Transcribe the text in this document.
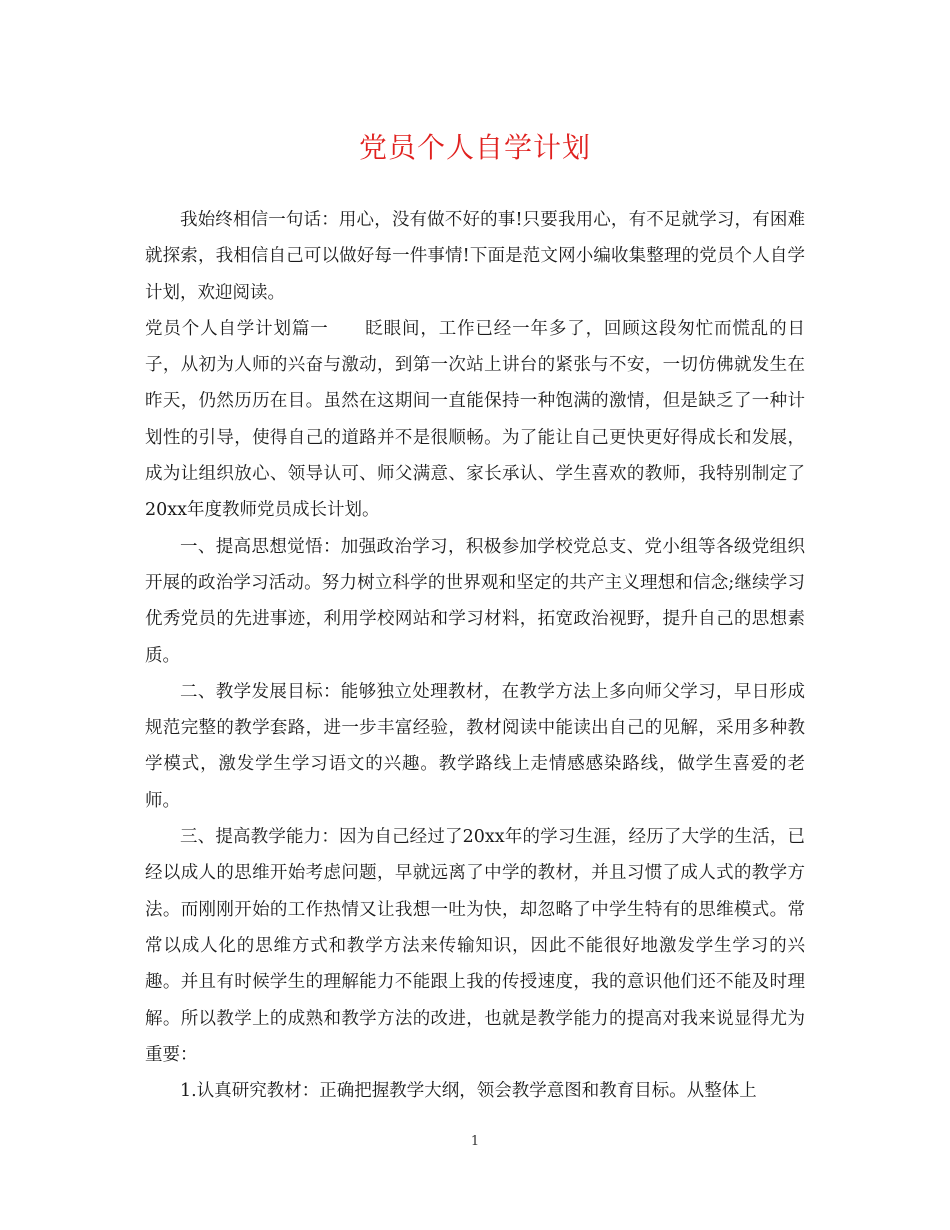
党员个人自学计划

我始终相信一句话：用心，没有做不好的事!只要我用心，有不足就学习，有困难就探索，我相信自己可以做好每一件事情!下面是范文网小编收集整理的党员个人自学计划，欢迎阅读。

党员个人自学计划篇一　　眨眼间，工作已经一年多了，回顾这段匆忙而慌乱的日子，从初为人师的兴奋与激动，到第一次站上讲台的紧张与不安，一切仿佛就发生在昨天，仍然历历在目。虽然在这期间一直能保持一种饱满的激情，但是缺乏了一种计划性的引导，使得自己的道路并不是很顺畅。为了能让自己更快更好得成长和发展，成为让组织放心、领导认可、师父满意、家长承认、学生喜欢的教师，我特别制定了20xx年度教师党员成长计划。

一、提高思想觉悟：加强政治学习，积极参加学校党总支、党小组等各级党组织开展的政治学习活动。努力树立科学的世界观和坚定的共产主义理想和信念;继续学习优秀党员的先进事迹，利用学校网站和学习材料，拓宽政治视野，提升自己的思想素质。

二、教学发展目标：能够独立处理教材，在教学方法上多向师父学习，早日形成规范完整的教学套路，进一步丰富经验，教材阅读中能读出自己的见解，采用多种教学模式，激发学生学习语文的兴趣。教学路线上走情感感染路线，做学生喜爱的老师。

三、提高教学能力：因为自己经过了20xx年的学习生涯，经历了大学的生活，已经以成人的思维开始考虑问题，早就远离了中学的教材，并且习惯了成人式的教学方法。而刚刚开始的工作热情又让我想一吐为快，却忽略了中学生特有的思维模式。常常以成人化的思维方式和教学方法来传输知识，因此不能很好地激发学生学习的兴趣。并且有时候学生的理解能力不能跟上我的传授速度，我的意识他们还不能及时理解。所以教学上的成熟和教学方法的改进，也就是教学能力的提高对我来说显得尤为重要：

1.认真研究教材：正确把握教学大纲，领会教学意图和教育目标。从整体上

1
